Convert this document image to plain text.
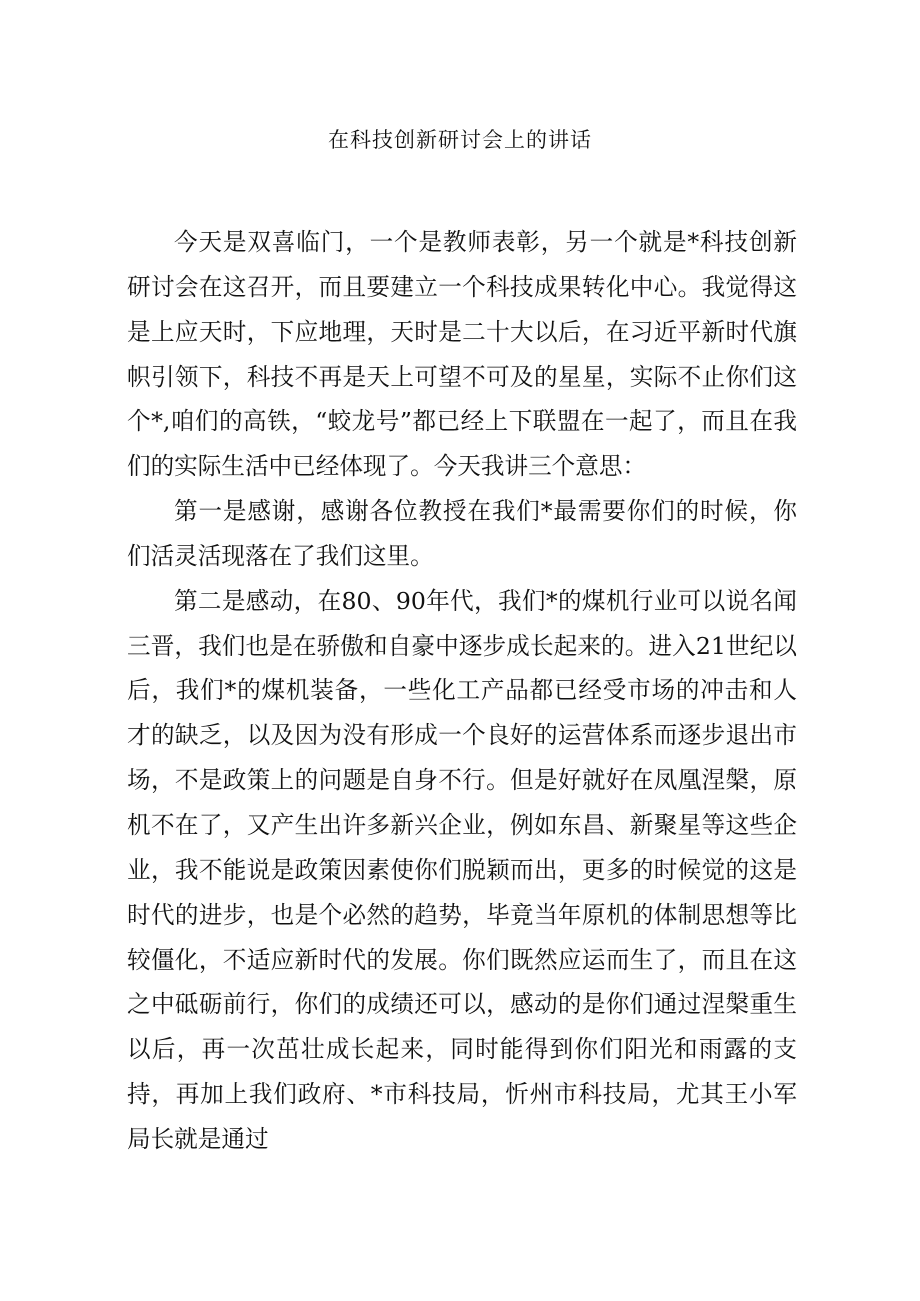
在科技创新研讨会上的讲话

今天是双喜临门，一个是教师表彰，另一个就是*科技创新研讨会在这召开，而且要建立一个科技成果转化中心。我觉得这是上应天时，下应地理，天时是二十大以后，在习近平新时代旗帜引领下，科技不再是天上可望不可及的星星，实际不止你们这个*,咱们的高铁，“蛟龙号”都已经上下联盟在一起了，而且在我们的实际生活中已经体现了。今天我讲三个意思：

第一是感谢，感谢各位教授在我们*最需要你们的时候，你们活灵活现落在了我们这里。

第二是感动，在80、90年代，我们*的煤机行业可以说名闻三晋，我们也是在骄傲和自豪中逐步成长起来的。进入21世纪以后，我们*的煤机装备，一些化工产品都已经受市场的冲击和人才的缺乏，以及因为没有形成一个良好的运营体系而逐步退出市场，不是政策上的问题是自身不行。但是好就好在凤凰涅槃，原机不在了，又产生出许多新兴企业，例如东昌、新聚星等这些企业，我不能说是政策因素使你们脱颖而出，更多的时候觉的这是时代的进步，也是个必然的趋势，毕竟当年原机的体制思想等比较僵化，不适应新时代的发展。你们既然应运而生了，而且在这之中砥砺前行，你们的成绩还可以，感动的是你们通过涅槃重生以后，再一次茁壮成长起来，同时能得到你们阳光和雨露的支持，再加上我们政府、*市科技局，忻州市科技局，尤其王小军局长就是通过
